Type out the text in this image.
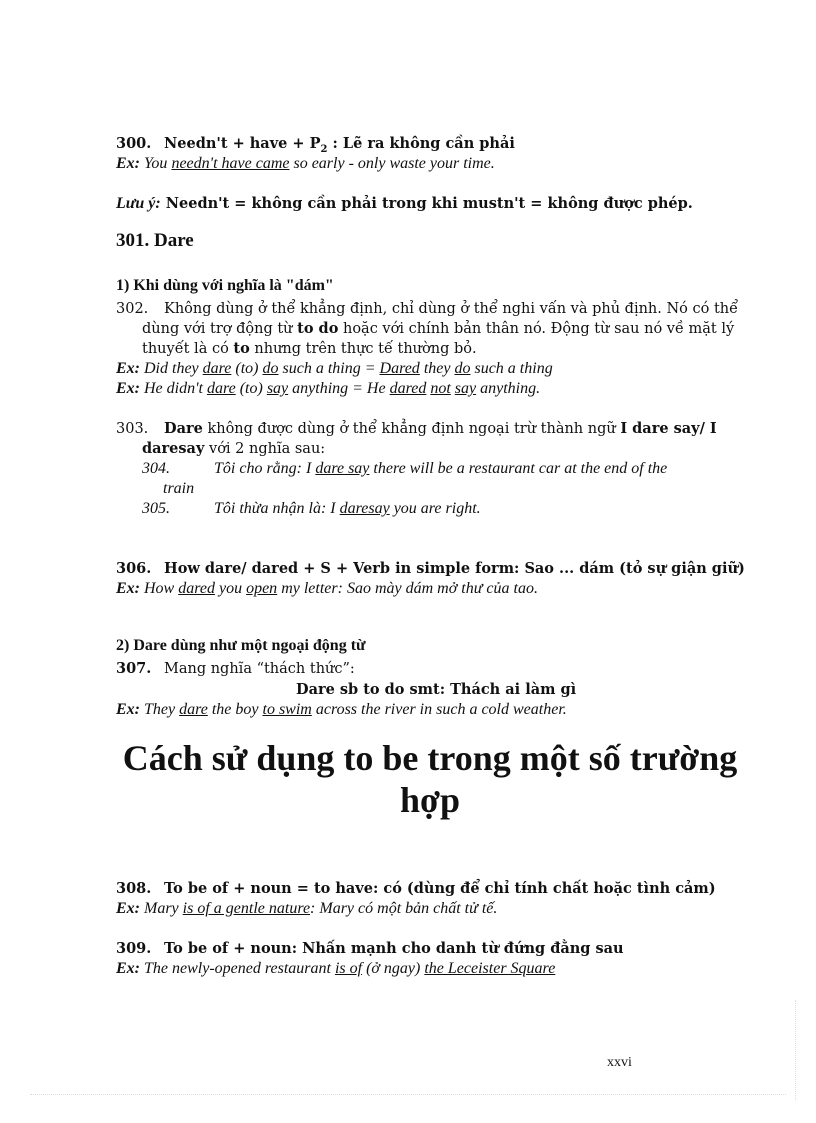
300. Needn't + have + $P_2$ : Lẽ ra không cần phải
Ex: You needn't have came so early - only waste your time.
Lưu ý: Needn't = không cần phải trong khi mustn't = không được phép.
301. Dare
1) Khi dùng với nghĩa là "dám"
302. Không dùng ở thể khẳng định, chỉ dùng ở thể nghi vấn và phủ định. Nó có thể
dùng với trợ động từ to do hoặc với chính bản thân nó. Động từ sau nó về mặt lý
thuyết là có to nhưng trên thực tế thường bỏ.
Ex: Did they dare (to) do such a thing = Dared they do such a thing
Ex: He didn't dare (to) say anything = He dared not say anything.
303. Dare không được dùng ở thể khẳng định ngoại trừ thành ngữ I dare say/ I
daresay với 2 nghĩa sau:
304.	Tôi cho rằng: I dare say there will be a restaurant car at the end of the
train
305.	Tôi thừa nhận là: I daresay you are right.
306. How dare/ dared + S + Verb in simple form: Sao ... dám (tỏ sự giận giữ)
Ex: How dared you open my letter: Sao mày dám mở thư của tao.
2) Dare dùng như một ngoại động từ
307. Mang nghĩa “thách thức”:
Dare sb to do smt: Thách ai làm gì
Ex: They dare the boy to swim across the river in such a cold weather.
Cách sử dụng to be trong một số trường
hợp
308. To be of + noun = to have: có (dùng để chỉ tính chất hoặc tình cảm)
Ex: Mary is of a gentle nature: Mary có một bản chất tử tế.
309. To be of + noun: Nhấn mạnh cho danh từ đứng đằng sau
Ex: The newly-opened restaurant is of (ở ngay) the Leceister Square
xxvi
